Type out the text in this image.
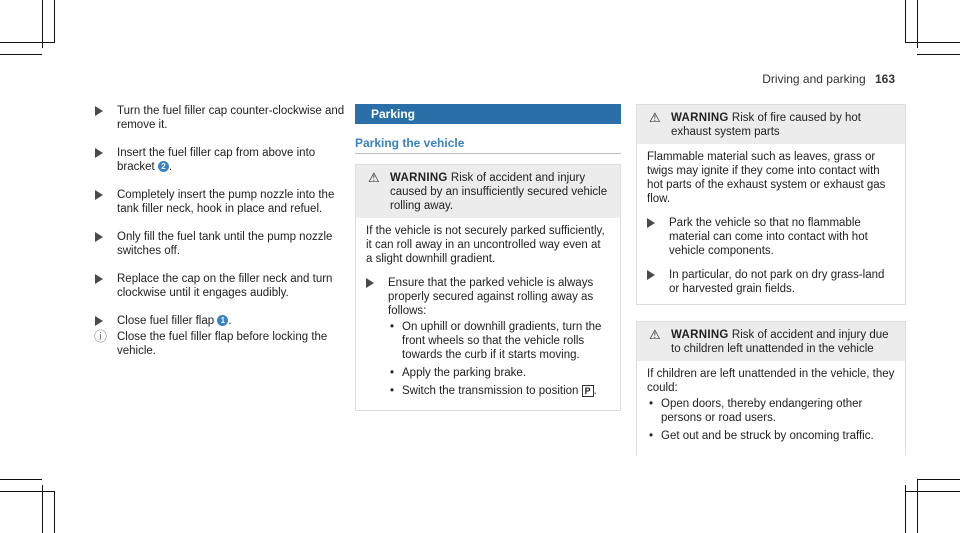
Driving and parking 163
Turn the fuel filler cap counter-clockwise and remove it.
Insert the fuel filler cap from above into bracket 2 .
Completely insert the pump nozzle into the tank filler neck, hook in place and refuel.
Only fill the fuel tank until the pump nozzle switches off.
Replace the cap on the filler neck and turn clockwise until it engages audibly.
Close fuel filler flap 1 .
ⓘ Close the fuel filler flap before locking the vehicle.
Parking
Parking the vehicle
⚠ WARNING Risk of accident and injury caused by an insufficiently secured vehicle rolling away.
If the vehicle is not securely parked sufficiently, it can roll away in an uncontrolled way even at a slight downhill gradient.
Ensure that the parked vehicle is always properly secured against rolling away as follows:
• On uphill or downhill gradients, turn the front wheels so that the vehicle rolls towards the curb if it starts moving.
• Apply the parking brake.
• Switch the transmission to position P .
⚠ WARNING Risk of fire caused by hot exhaust system parts
Flammable material such as leaves, grass or twigs may ignite if they come into contact with hot parts of the exhaust system or exhaust gas flow.
Park the vehicle so that no flammable material can come into contact with hot vehicle components.
In particular, do not park on dry grass-land or harvested grain fields.
⚠ WARNING Risk of accident and injury due to children left unattended in the vehicle
If children are left unattended in the vehicle, they could:
• Open doors, thereby endangering other persons or road users.
• Get out and be struck by oncoming traffic.
